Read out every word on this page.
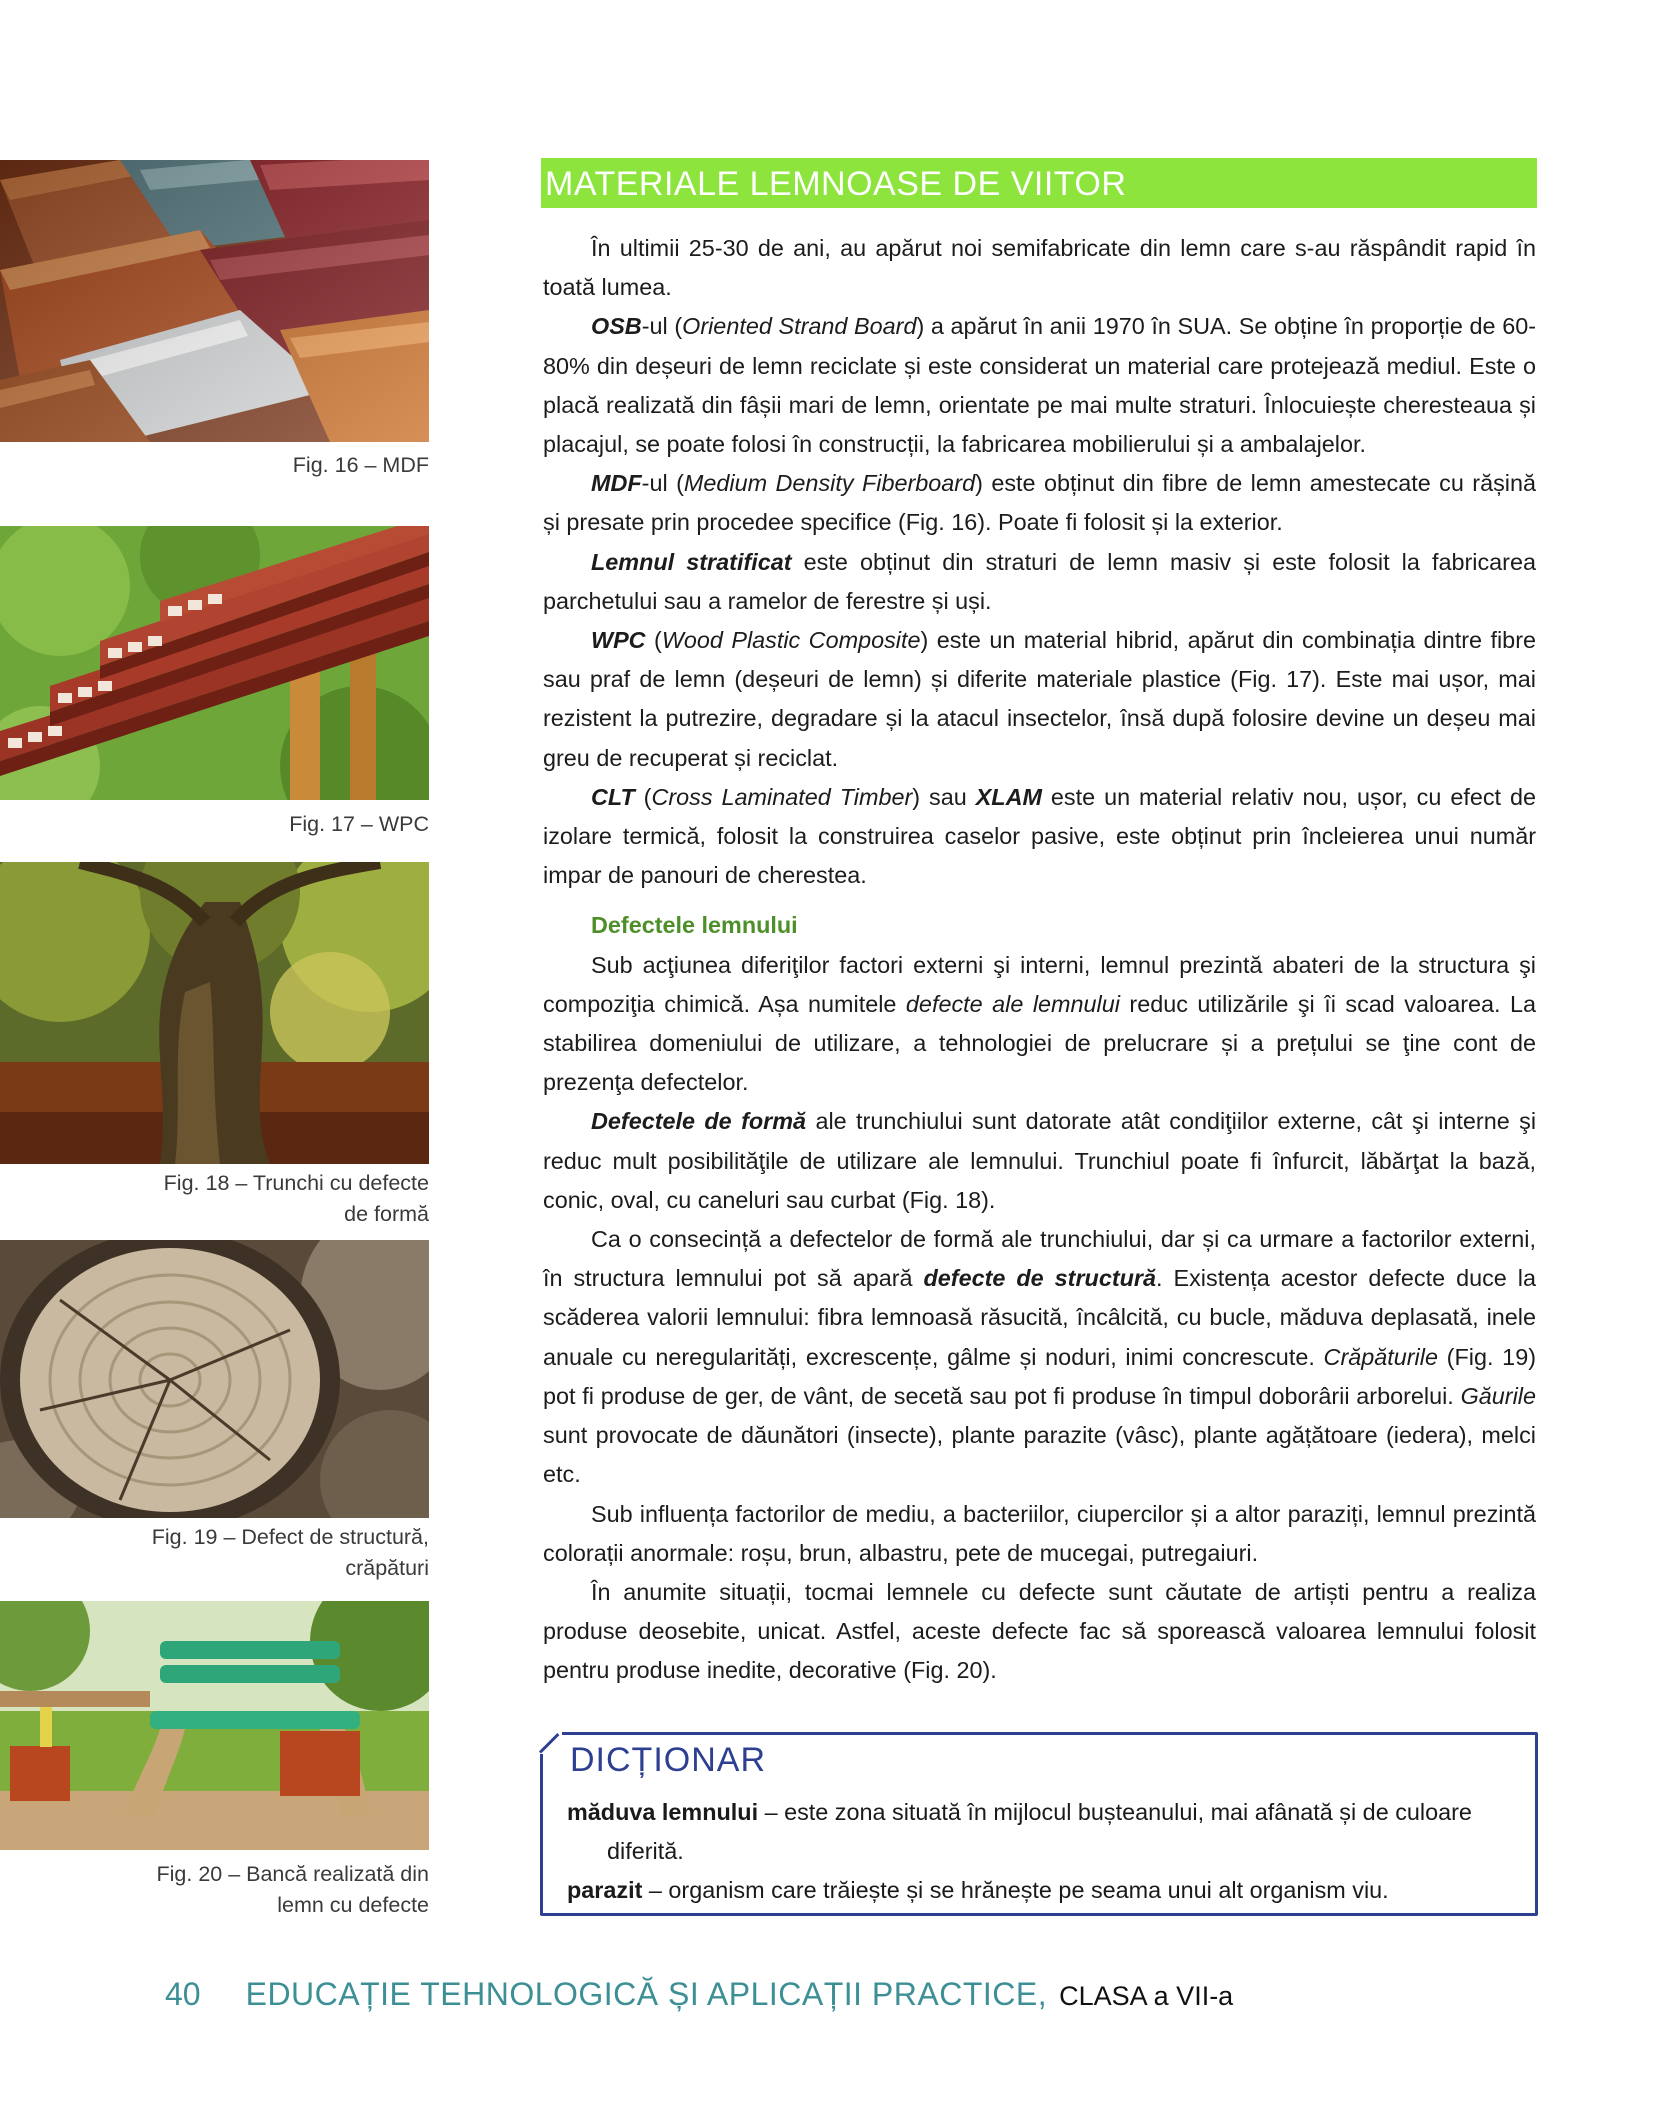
Fig. 16 – MDF
Fig. 17 – WPC
Fig. 18 – Trunchi cu defecte
de formă
Fig. 19 – Defect de structură,
crăpături
Fig. 20 – Bancă realizată din
lemn cu defecte
MATERIALE LEMNOASE DE VIITOR

În ultimii 25-30 de ani, au apărut noi semifabricate din lemn care s-au răspândit rapid în toată lumea.

OSB-ul (Oriented Strand Board) a apărut în anii 1970 în SUA. Se obține în proporție de 60-80% din deșeuri de lemn reciclate și este considerat un material care protejează mediul. Este o placă realizată din fâșii mari de lemn, orientate pe mai multe straturi. Înlocuiește cheresteaua și placajul, se poate folosi în construcții, la fabricarea mobilierului și a ambalajelor.

MDF-ul (Medium Density Fiberboard) este obținut din fibre de lemn amestecate cu rășină și presate prin procedee specifice (Fig. 16). Poate fi folosit și la exterior.

Lemnul stratificat este obținut din straturi de lemn masiv și este folosit la fabricarea parchetului sau a ramelor de ferestre și uși.

WPC (Wood Plastic Composite) este un material hibrid, apărut din combinația dintre fibre sau praf de lemn (deșeuri de lemn) și diferite materiale plastice (Fig. 17). Este mai ușor, mai rezistent la putrezire, degradare și la atacul insectelor, însă după folosire devine un deșeu mai greu de recuperat și reciclat.

CLT (Cross Laminated Timber) sau XLAM este un material relativ nou, ușor, cu efect de izolare termică, folosit la construirea caselor pasive, este obținut prin încleierea unui număr impar de panouri de cherestea.

Defectele lemnului

Sub acţiunea diferiţilor factori externi şi interni, lemnul prezintă abateri de la structura şi compoziţia chimică. Așa numitele defecte ale lemnului reduc utilizările şi îi scad valoarea. La stabilirea domeniului de utilizare, a tehnologiei de prelucrare și a prețului se ţine cont de prezenţa defectelor.

Defectele de formă ale trunchiului sunt datorate atât condiţiilor externe, cât şi interne şi reduc mult posibilităţile de utilizare ale lemnului. Trunchiul poate fi înfurcit, lăbărţat la bază, conic, oval, cu caneluri sau curbat (Fig. 18).

Ca o consecință a defectelor de formă ale trunchiului, dar și ca urmare a factorilor externi, în structura lemnului pot să apară defecte de structură. Existența acestor defecte duce la scăderea valorii lemnului: fibra lemnoasă răsucită, încâlcită, cu bucle, măduva deplasată, inele anuale cu neregularități, excrescențe, gâlme și noduri, inimi concrescute. Crăpăturile (Fig. 19) pot fi produse de ger, de vânt, de secetă sau pot fi produse în timpul doborârii arborelui. Găurile sunt provocate de dăunători (insecte), plante parazite (vâsc), plante agățătoare (iedera), melci etc.

Sub influența factorilor de mediu, a bacteriilor, ciupercilor și a altor paraziți, lemnul prezintă colorații anormale: roșu, brun, albastru, pete de mucegai, putregaiuri.

În anumite situații, tocmai lemnele cu defecte sunt căutate de artiști pentru a realiza produse deosebite, unicat. Astfel, aceste defecte fac să sporească valoarea lemnului folosit pentru produse inedite, decorative (Fig. 20).

DICȚIONAR

măduva lemnului – este zona situată în mijlocul bușteanului, mai afânată și de culoare diferită.

parazit – organism care trăiește și se hrănește pe seama unui alt organism viu.

40 EDUCAȚIE TEHNOLOGICĂ ȘI APLICAȚII PRACTICE, CLASA a VII-a
